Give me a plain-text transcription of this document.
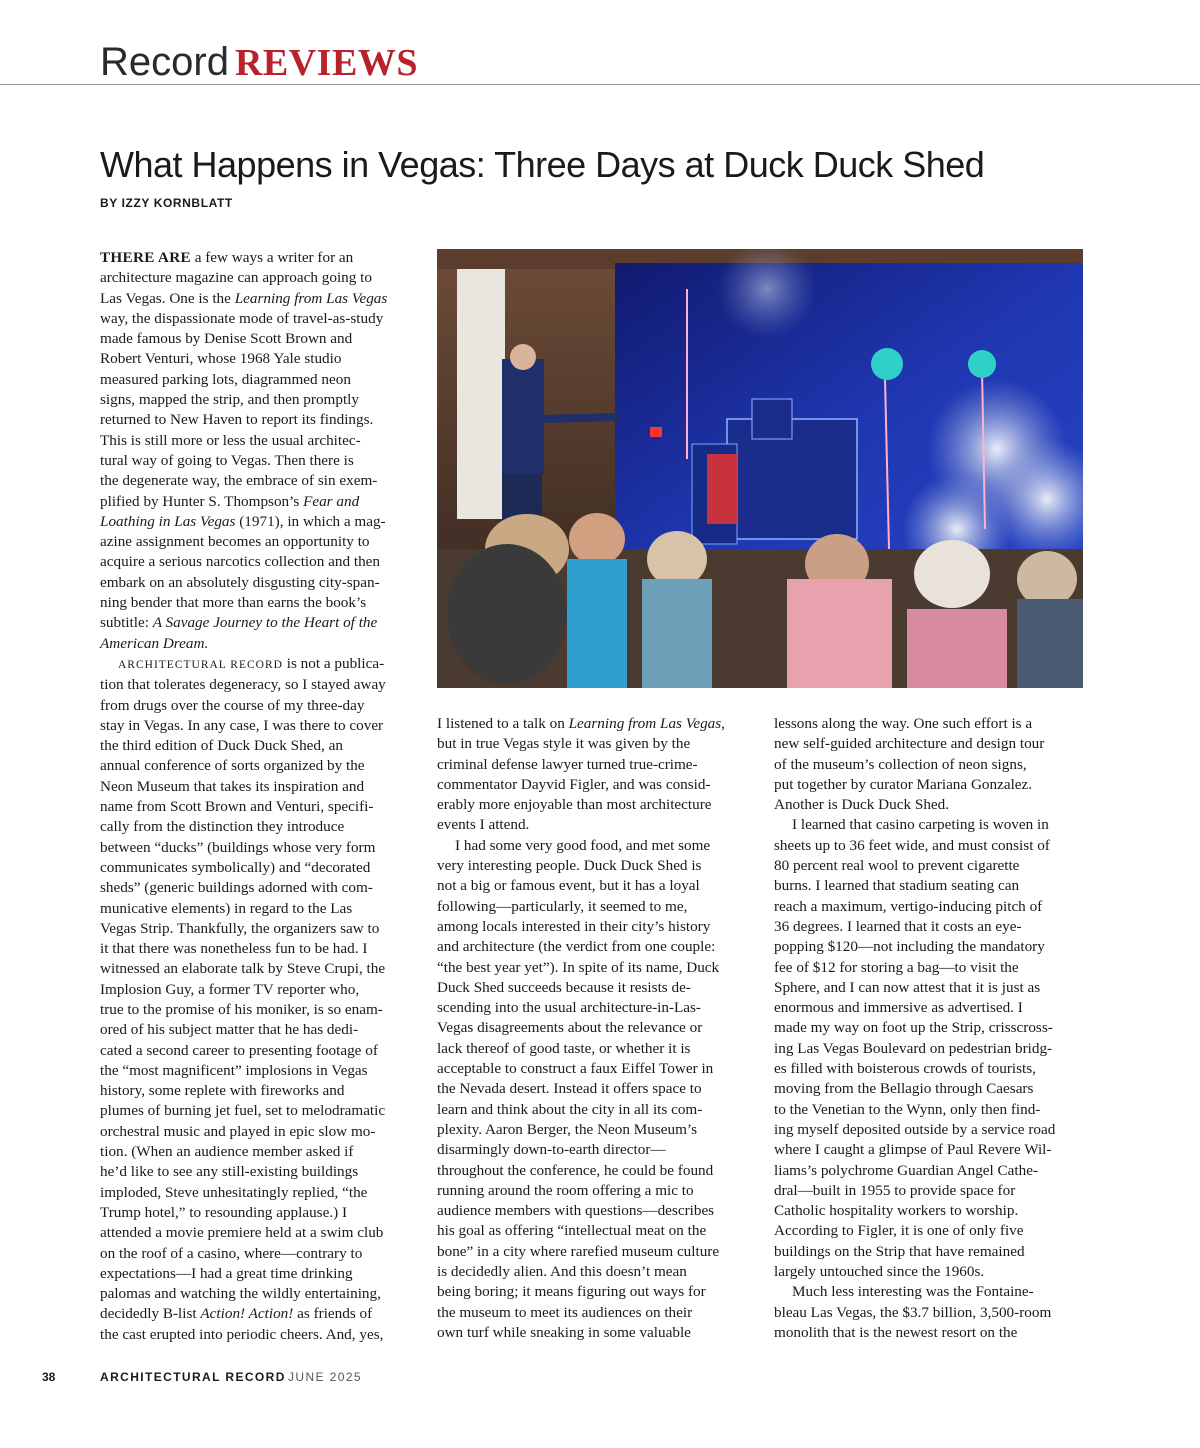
Record REVIEWS
What Happens in Vegas: Three Days at Duck Duck Shed
BY IZZY KORNBLATT

THERE ARE a few ways a writer for an
architecture magazine can approach going to
Las Vegas. One is the Learning from Las Vegas
way, the dispassionate mode of travel-as-study
made famous by Denise Scott Brown and
Robert Venturi, whose 1968 Yale studio
measured parking lots, diagrammed neon
signs, mapped the strip, and then promptly
returned to New Haven to report its findings.
This is still more or less the usual architec-
tural way of going to Vegas. Then there is
the degenerate way, the embrace of sin exem-
plified by Hunter S. Thompson’s Fear and
Loathing in Las Vegas (1971), in which a mag-
azine assignment becomes an opportunity to
acquire a serious narcotics collection and then
embark on an absolutely disgusting city-span-
ning bender that more than earns the book’s
subtitle: A Savage Journey to the Heart of the
American Dream.

ARCHITECTURAL RECORD is not a publica-

tion that tolerates degeneracy, so I stayed away
from drugs over the course of my three-day
stay in Vegas. In any case, I was there to cover
the third edition of Duck Duck Shed, an
annual conference of sorts organized by the
Neon Museum that takes its inspiration and
name from Scott Brown and Venturi, specifi-
cally from the distinction they introduce
between “ducks” (buildings whose very form
communicates symbolically) and “decorated
sheds” (generic buildings adorned with com-
municative elements) in regard to the Las
Vegas Strip. Thankfully, the organizers saw to
it that there was nonetheless fun to be had. I
witnessed an elaborate talk by Steve Crupi, the
Implosion Guy, a former TV reporter who,
true to the promise of his moniker, is so enam-
ored of his subject matter that he has dedi-
cated a second career to presenting footage of
the “most magnificent” implosions in Vegas
history, some replete with fireworks and
plumes of burning jet fuel, set to melodramatic
orchestral music and played in epic slow mo-
tion. (When an audience member asked if
he’d like to see any still-existing buildings
imploded, Steve unhesitatingly replied, “the
Trump hotel,” to resounding applause.) I
attended a movie premiere held at a swim club
on the roof of a casino, where—contrary to
expectations—I had a great time drinking
palomas and watching the wildly entertaining,
decidedly B-list Action! Action! as friends of
the cast erupted into periodic cheers. And, yes,

I listened to a talk on Learning from Las Vegas,
but in true Vegas style it was given by the
criminal defense lawyer turned true-crime-
commentator Dayvid Figler, and was consid-
erably more enjoyable than most architecture
events I attend.

I had some very good food, and met some

very interesting people. Duck Duck Shed is
not a big or famous event, but it has a loyal
following—particularly, it seemed to me,
among locals interested in their city’s history
and architecture (the verdict from one couple:
“the best year yet”). In spite of its name, Duck
Duck Shed succeeds because it resists de-
scending into the usual architecture-in-Las-
Vegas disagreements about the relevance or
lack thereof of good taste, or whether it is
acceptable to construct a faux Eiffel Tower in
the Nevada desert. Instead it offers space to
learn and think about the city in all its com-
plexity. Aaron Berger, the Neon Museum’s
disarmingly down-to-earth director—
throughout the conference, he could be found
running around the room offering a mic to
audience members with questions—describes
his goal as offering “intellectual meat on the
bone” in a city where rarefied museum culture
is decidedly alien. And this doesn’t mean
being boring; it means figuring out ways for
the museum to meet its audiences on their
own turf while sneaking in some valuable

lessons along the way. One such effort is a
new self-guided architecture and design tour
of the museum’s collection of neon signs,
put together by curator Mariana Gonzalez.
Another is Duck Duck Shed.

I learned that casino carpeting is woven in

sheets up to 36 feet wide, and must consist of
80 percent real wool to prevent cigarette
burns. I learned that stadium seating can
reach a maximum, vertigo-inducing pitch of
36 degrees. I learned that it costs an eye-
popping $120—not including the mandatory
fee of $12 for storing a bag—to visit the
Sphere, and I can now attest that it is just as
enormous and immersive as advertised. I
made my way on foot up the Strip, crisscross-
ing Las Vegas Boulevard on pedestrian bridg-
es filled with boisterous crowds of tourists,
moving from the Bellagio through Caesars
to the Venetian to the Wynn, only then find-
ing myself deposited outside by a service road
where I caught a glimpse of Paul Revere Wil-
liams’s polychrome Guardian Angel Cathe-
dral—built in 1955 to provide space for
Catholic hospitality workers to worship.
According to Figler, it is one of only five
buildings on the Strip that have remained
largely untouched since the 1960s.

Much less interesting was the Fontaine-

bleau Las Vegas, the $3.7 billion, 3,500-room
monolith that is the newest resort on the

38	ARCHITECTURAL RECORD JUNE 2025
